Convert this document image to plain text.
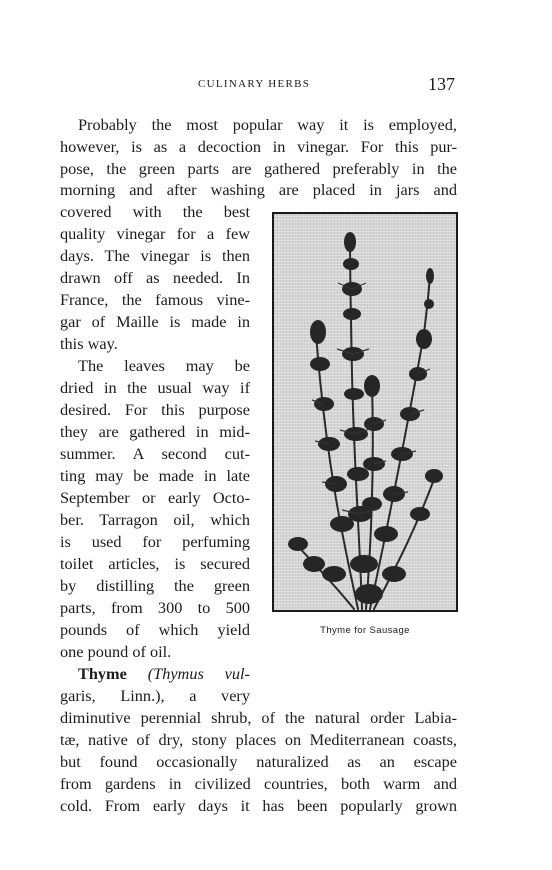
CULINARY HERBS	137
Probably the most popular way it is employed,
however, is as a decoction in vinegar. For this pur-
pose, the green parts are gathered preferably in the
morning and after washing are placed in jars and
covered with the best
quality vinegar for a few
days. The vinegar is then
drawn off as needed. In
France, the famous vine-
gar of Maille is made in
this way.
The leaves may be
dried in the usual way if
desired. For this purpose
they are gathered in mid-
summer. A second cut-
ting may be made in late
September or early Octo-
ber. Tarragon oil, which
is used for perfuming
toilet articles, is secured
by distilling the green
parts, from 300 to 500
pounds of which yield
one pound of oil.
Thyme (Thymus vul-
garis, Linn.), a very
diminutive perennial shrub, of the natural order Labia-
tæ, native of dry, stony places on Mediterranean coasts,
but found occasionally naturalized as an escape
from gardens in civilized countries, both warm and
cold. From early days it has been popularly grown
Thyme for Sausage
